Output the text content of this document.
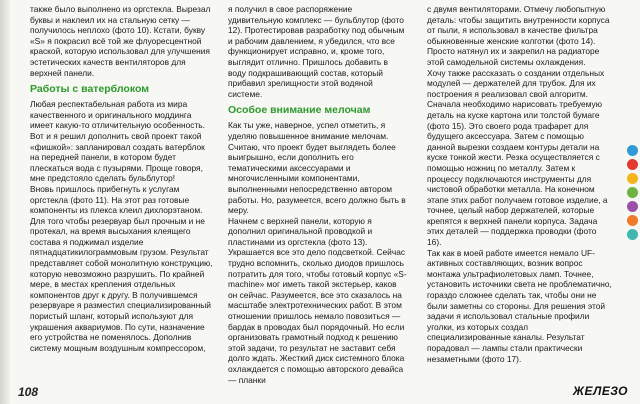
также было выполнено из оргстекла. Вырезал буквы и наклеил их на стальную сетку — получилось неплохо (фото 10). Кстати, букву «S» я покрасил всё той же флуоресцентной краской, которую использовал для улучшения эстетических качеств вентиляторов для верхней панели.

Работы с ватерблоком

Любая респектабельная работа из мира качественного и оригинального моддинга имеет какую-то отличительную особенность. Вот и я решил дополнить свой проект такой «фишкой»: запланировал создать ватерблок на передней панели, в котором будет плескаться вода с пузырями. Проще говоря, мне предстояло сделать бульблутор!

Вновь пришлось прибегнуть к услугам оргстекла (фото 11). На этот раз готовые компоненты из плекса клеил дихлорэтаном. Для того чтобы резервуар был прочным и не протекал, на время высыхания клеящего состава я поджимал изделие пятнадцатикилограммовым грузом. Результат представляет собой монолитную конструкцию, которую невозможно разрушить. По крайней мере, в местах крепления отдельных компонентов друг к другу. В получившемся резервуаре я разместил специализированный пористый шланг, который используют для украшения аквариумов. По сути, назначение его устройства не поменялось. Дополнив систему мощным воздушным компрессором,

я получил в свое распоряжение удивительную комплекс — бульблутор (фото 12). Протестировав разработку под обычным и рабочим давлением, я убедился, что все функционирует исправно, и, кроме того, выглядит отлично. Пришлось добавить в воду подкрашивающий состав, который прибавил зрелищности этой водяной системе.

Особое внимание мелочам

Как ты уже, наверное, успел отметить, я уделяю повышенное внимание мелочам. Считаю, что проект будет выглядеть более выигрышно, если дополнить его тематическими аксессуарами и многочисленными компонентами, выполненными непосредственно автором работы. Но, разумеется, всего должно быть в меру.

Начнем с верхней панели, которую я дополнил оригинальной проводкой и пластинами из оргстекла (фото 13). Украшается все это дело подсветкой. Сейчас трудно вспомнить, сколько диодов пришлось потратить для того, чтобы готовый корпус «S-machine» мог иметь такой экстерьер, каков он сейчас. Разумеется, все это сказалось на масштабе электротехнических работ. В этом отношении пришлось немало повозиться — бардак в проводах был порядочный. Но если организовать грамотный подход к решению этой задачи, то результат не заставит себя долго ждать. Жесткий диск системного блока охлаждается с помощью авторского девайса — планки

с двумя вентиляторами. Отмечу любопытную деталь: чтобы защитить внутренности корпуса от пыли, я использовал в качестве фильтра обыкновенные женские колготки (фото 14). Просто натянул их и закрепил на радиаторе этой самодельной системы охлаждения.

Хочу также рассказать о создании отдельных модулей — держателей для трубок. Для их построения я реализовал свой алгоритм. Сначала необходимо нарисовать требуемую деталь на куске картона или толстой бумаге (фото 15). Это своего рода трафарет для будущего аксессуара. Затем с помощью данной вырезки создаем контуры детали на куске тонкой жести. Резка осуществляется с помощью ножниц по металлу. Затем к процессу подключаются инструменты для чистовой обработки металла. На конечном этапе этих работ получаем готовое изделие, а точнее, целый набор держателей, которые крепятся к верхней панели корпуса. Задача этих деталей — поддержка проводки (фото 16).

Так как в моей работе имеется немало UF-активных составляющих, возник вопрос монтажа ультрафиолетовых ламп. Точнее, установить источники света не проблематично, гораздо сложнее сделать так, чтобы они не были заметны со стороны. Для решения этой задачи я использовал стальные профили уголки, из которых создал специализированные каналы. Результат порадовал — лампы стали практически незаметными (фото 17).

108	ЖЕЛЕЗО
